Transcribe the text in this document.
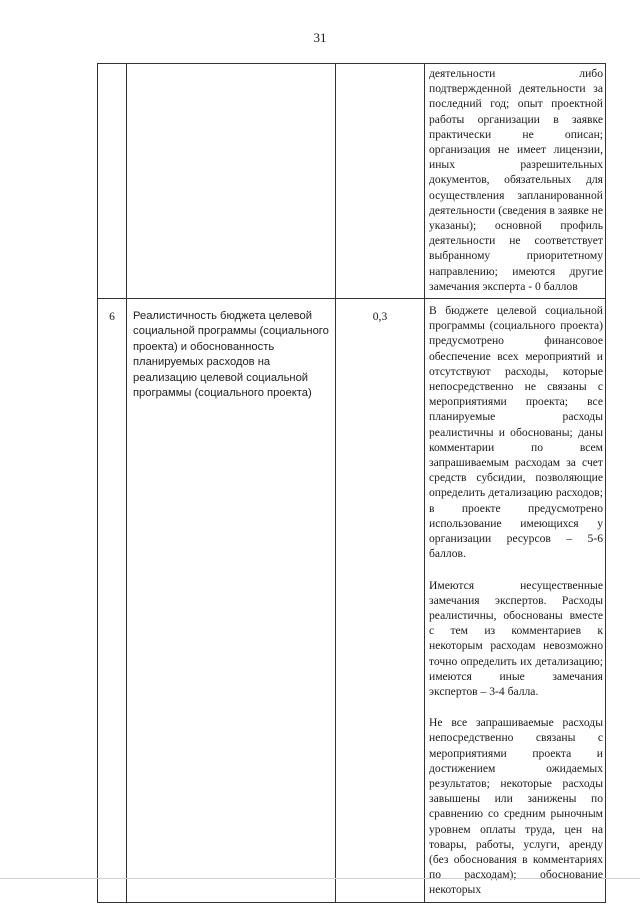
31

			деятельности либо подтвержденной деятельности за последний год; опыт проектной работы организации в заявке практически не описан; организация не имеет лицензии, иных разрешительных документов, обязательных для осуществления запланированной деятельности (сведения в заявке не указаны); основной профиль деятельности не соответствует выбранному приоритетному направлению; имеются другие замечания эксперта - 0 баллов

6	Реалистичность бюджета целевой социальной программы (социального проекта) и обоснованность планируемых расходов на реализацию целевой социальной программы (социального проекта)	0,3	В бюджете целевой социальной программы (социального проекта) предусмотрено финансовое обеспечение всех мероприятий и отсутствуют расходы, которые непосредственно не связаны с мероприятиями проекта; все планируемые расходы реалистичны и обоснованы; даны комментарии по всем запрашиваемым расходам за счет средств субсидии, позволяющие определить детализацию расходов; в проекте предусмотрено использование имеющихся у организации ресурсов – 5-6 баллов.

Имеются несущественные замечания экспертов. Расходы реалистичны, обоснованы вместе с тем из комментариев к некоторым расходам невозможно точно определить их детализацию; имеются иные замечания экспертов – 3-4 балла.

Не все запрашиваемые расходы непосредственно связаны с мероприятиями проекта и достижением ожидаемых результатов; некоторые расходы завышены или занижены по сравнению со средним рыночным уровнем оплаты труда, цен на товары, работы, услуги, аренду (без обоснования в комментариях по расходам); обоснование некоторых
